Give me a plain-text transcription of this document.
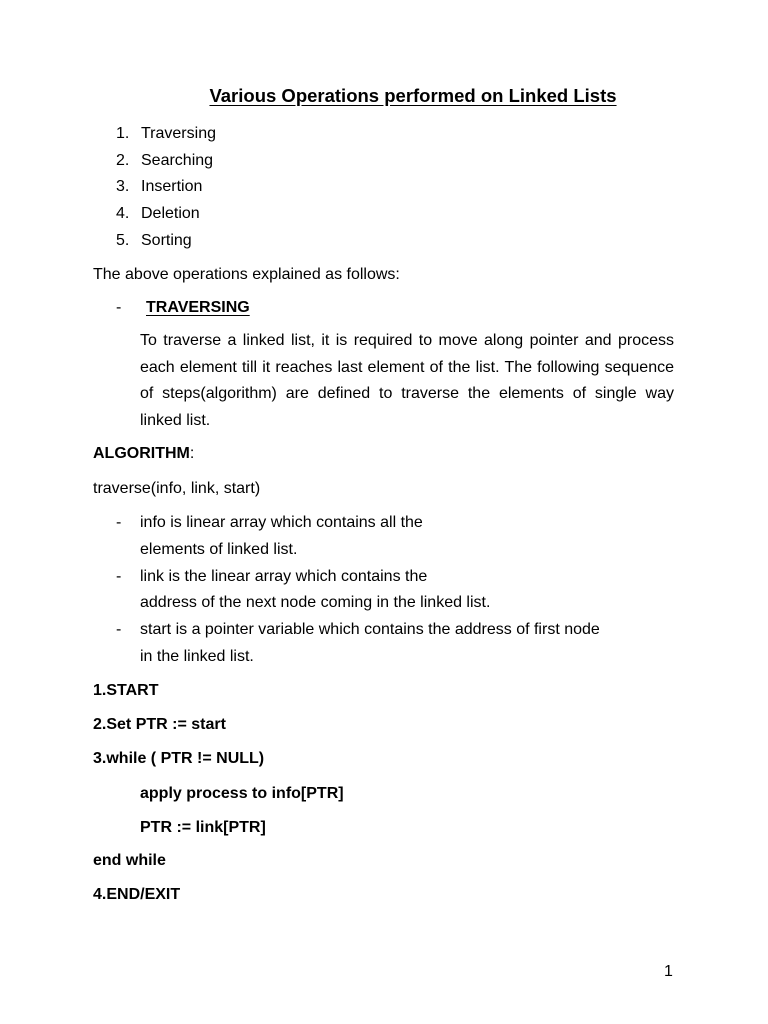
Various Operations performed on Linked Lists
1. Traversing
2. Searching
3. Insertion
4. Deletion
5. Sorting
The above operations explained as follows:
- TRAVERSING

To traverse a linked list, it is required to move along pointer and process each element till it reaches last element of the list. The following sequence of steps(algorithm) are defined to traverse the elements of single way linked list.

ALGORITHM:
traverse(info, link, start)
- info is linear array which contains all the
elements of linked list.
- link is the linear array which contains the
address of the next node coming in the linked list.
- start is a pointer variable which contains the address of first node
in the linked list.
1.START
2.Set PTR := start
3.while ( PTR != NULL)
apply process to info[PTR]
PTR := link[PTR]
end while
4.END/EXIT
1
